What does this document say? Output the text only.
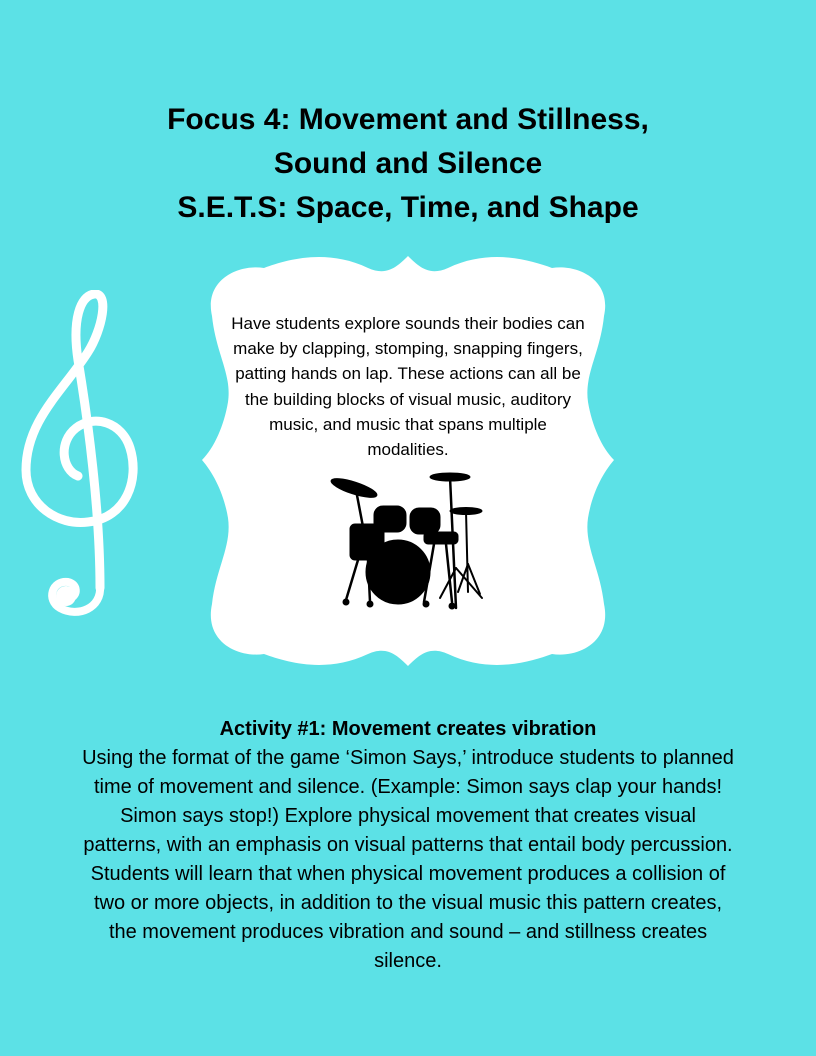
Focus 4: Movement and Stillness,
Sound and Silence
S.E.T.S: Space, Time, and Shape
Have students explore sounds their bodies can make by clapping, stomping, snapping fingers, patting hands on lap. These actions can all be the building blocks of visual music, auditory music, and music that spans multiple modalities.
Activity #1: Movement creates vibration
Using the format of the game ‘Simon Says,’ introduce students to planned time of movement and silence. (Example: Simon says clap your hands! Simon says stop!) Explore physical movement that creates visual patterns, with an emphasis on visual patterns that entail body percussion. Students will learn that when physical movement produces a collision of two or more objects, in addition to the visual music this pattern creates, the movement produces vibration and sound – and stillness creates silence.
